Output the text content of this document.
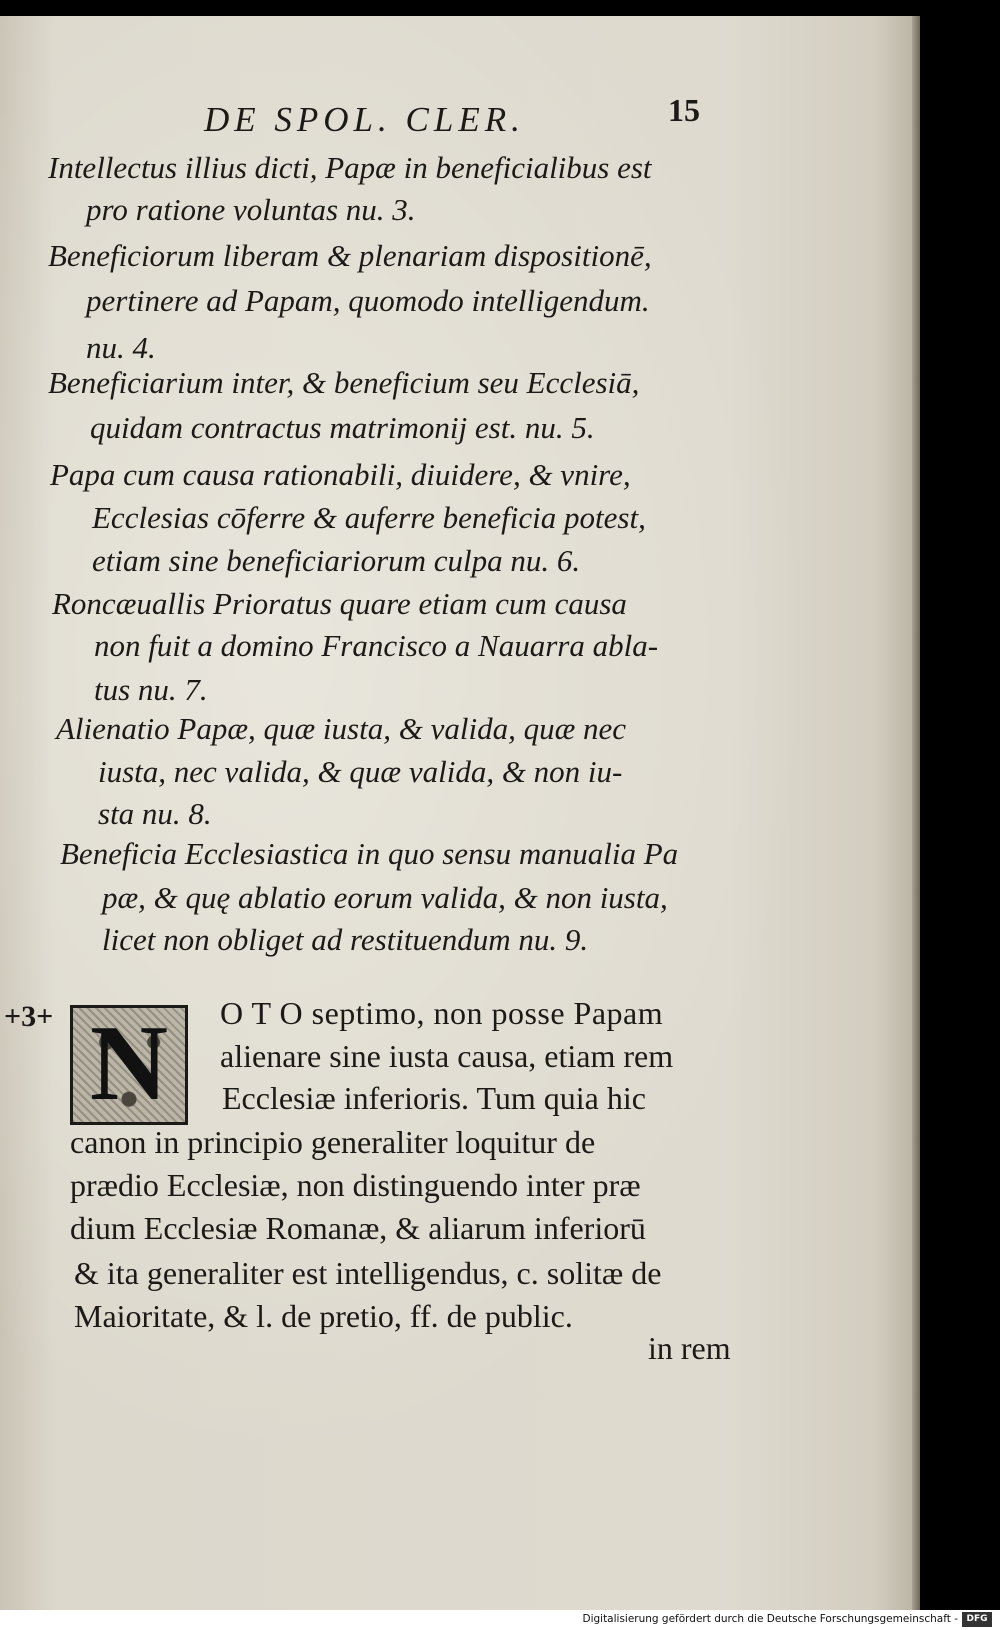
DE SPOL. CLER.	15
Intellectus illius dicti, Papæ in beneficialibus est
pro ratione voluntas nu. 3.
Beneficiorum liberam & plenariam dispositionē,
pertinere ad Papam, quomodo intelligendum.
nu. 4.
Beneficiarium inter, & beneficium seu Ecclesiā,
quidam contractus matrimonij est. nu. 5.
Papa cum causa rationabili, diuidere, & vnire,
Ecclesias cōferre & auferre beneficia potest,
etiam sine beneficiariorum culpa nu. 6.
Roncæuallis Prioratus quare etiam cum causa
non fuit a domino Francisco a Nauarra abla-
tus nu. 7.
Alienatio Papæ, quæ iusta, & valida, quæ nec
iusta, nec valida, & quæ valida, & non iu-
sta nu. 8.
Beneficia Ecclesiastica in quo sensu manualia Pa
pæ, & quę ablatio eorum valida, & non iusta,
licet non obliget ad restituendum nu. 9.
+3+ N	O T O septimo, non posse Papam
alienare sine iusta causa, etiam rem
Ecclesiæ inferioris. Tum quia hic
canon in principio generaliter loquitur de
prædio Ecclesiæ, non distinguendo inter præ
dium Ecclesiæ Romanæ, & aliarum inferiorū
& ita generaliter est intelligendus, c. solitæ de
Maioritate, & l. de pretio, ff. de public.
in rem
Digitalisierung gefördert durch die Deutsche Forschungsgemeinschaft - DFG
